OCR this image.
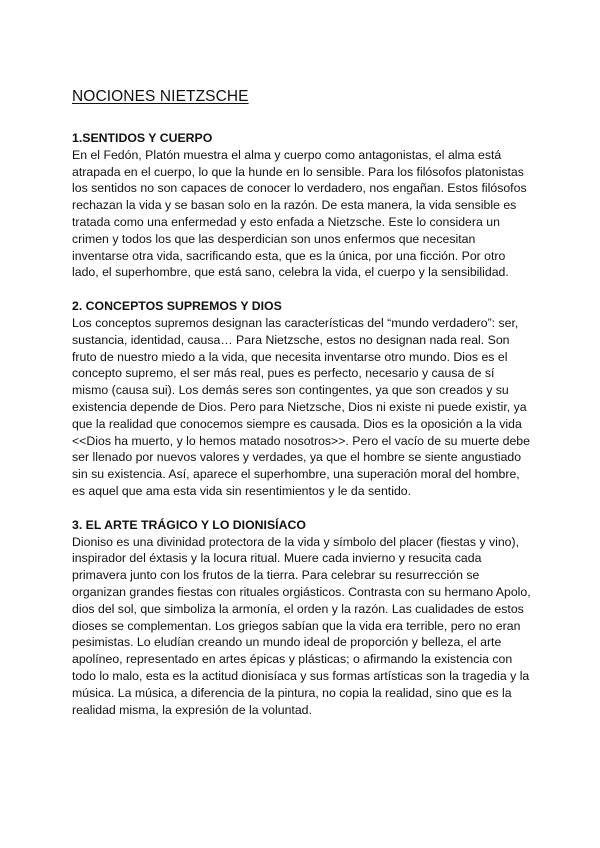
NOCIONES NIETZSCHE

1.SENTIDOS Y CUERPO

En el Fedón, Platón muestra el alma y cuerpo como antagonistas, el alma está atrapada en el cuerpo, lo que la hunde en lo sensible. Para los filósofos platonistas los sentidos no son capaces de conocer lo verdadero, nos engañan. Estos filósofos rechazan la vida y se basan solo en la razón. De esta manera, la vida sensible es tratada como una enfermedad y esto enfada a Nietzsche. Este lo considera un crimen y todos los que las desperdician son unos enfermos que necesitan inventarse otra vida, sacrificando esta, que es la única, por una ficción. Por otro lado, el superhombre, que está sano, celebra la vida, el cuerpo y la sensibilidad.

2. CONCEPTOS SUPREMOS Y DIOS

Los conceptos supremos designan las características del “mundo verdadero”: ser, sustancia, identidad, causa… Para Nietzsche, estos no designan nada real. Son fruto de nuestro miedo a la vida, que necesita inventarse otro mundo. Dios es el concepto supremo, el ser más real, pues es perfecto, necesario y causa de sí mismo (causa sui). Los demás seres son contingentes, ya que son creados y su existencia depende de Dios. Pero para Nietzsche, Dios ni existe ni puede existir, ya que la realidad que conocemos siempre es causada. Dios es la oposición a la vida <<Dios ha muerto, y lo hemos matado nosotros>>. Pero el vacío de su muerte debe ser llenado por nuevos valores y verdades, ya que el hombre se siente angustiado sin su existencia. Así, aparece el superhombre, una superación moral del hombre, es aquel que ama esta vida sin resentimientos y le da sentido.

3. EL ARTE TRÁGICO Y LO DIONISÍACO

Dioniso es una divinidad protectora de la vida y símbolo del placer (fiestas y vino), inspirador del éxtasis y la locura ritual. Muere cada invierno y resucita cada primavera junto con los frutos de la tierra. Para celebrar su resurrección se organizan grandes fiestas con rituales orgiásticos. Contrasta con su hermano Apolo, dios del sol, que simboliza la armonía, el orden y la razón. Las cualidades de estos dioses se complementan. Los griegos sabían que la vida era terrible, pero no eran pesimistas. Lo eludían creando un mundo ideal de proporción y belleza, el arte apolíneo, representado en artes épicas y plásticas; o afirmando la existencia con todo lo malo, esta es la actitud dionisíaca y sus formas artísticas son la tragedia y la música. La música, a diferencia de la pintura, no copia la realidad, sino que es la realidad misma, la expresión de la voluntad.
